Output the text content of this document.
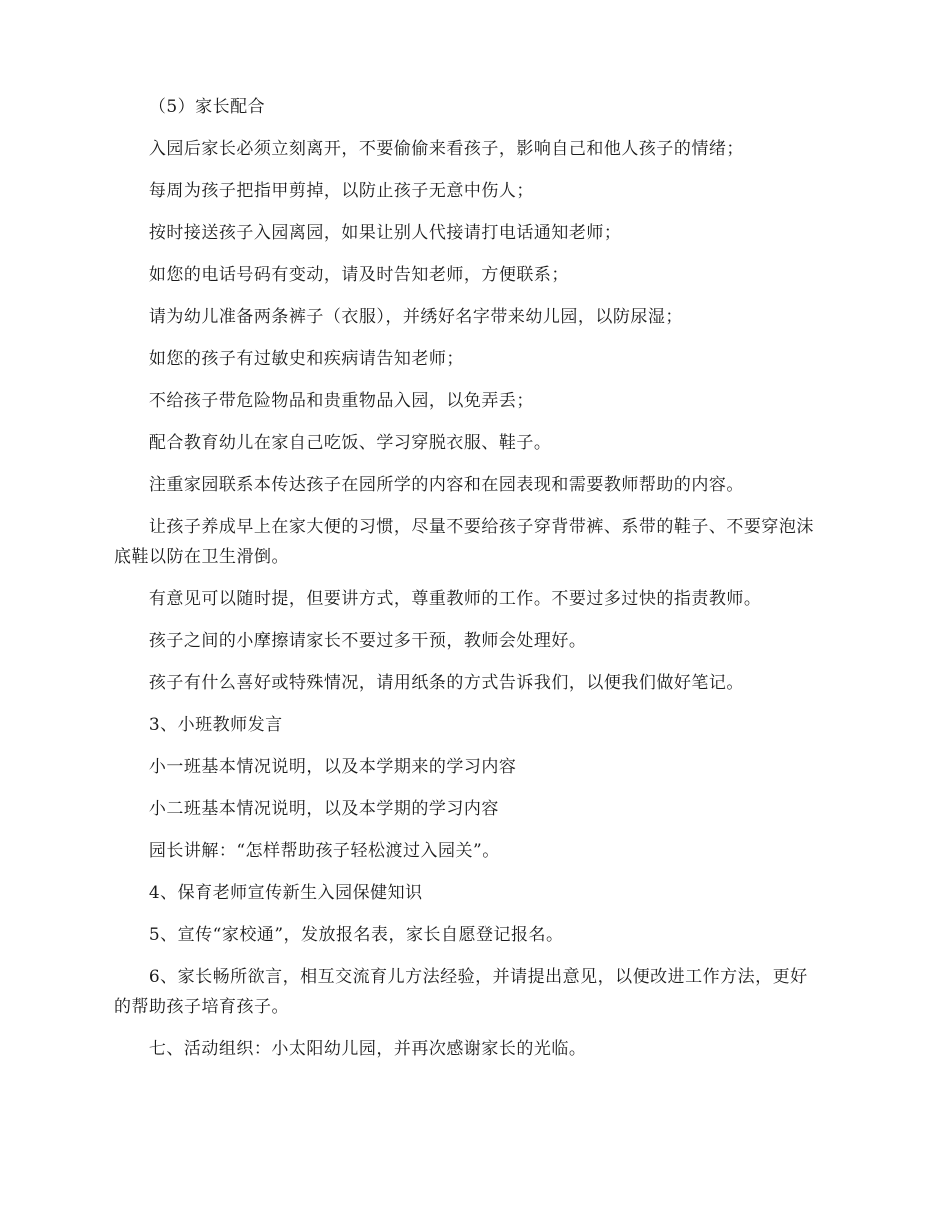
（5）家长配合

入园后家长必须立刻离开，不要偷偷来看孩子，影响自己和他人孩子的情绪；

每周为孩子把指甲剪掉，以防止孩子无意中伤人；

按时接送孩子入园离园，如果让别人代接请打电话通知老师；

如您的电话号码有变动，请及时告知老师，方便联系；

请为幼儿准备两条裤子（衣服），并绣好名字带来幼儿园，以防尿湿；

如您的孩子有过敏史和疾病请告知老师；

不给孩子带危险物品和贵重物品入园，以免弄丢；

配合教育幼儿在家自己吃饭、学习穿脱衣服、鞋子。

注重家园联系本传达孩子在园所学的内容和在园表现和需要教师帮助的内容。

让孩子养成早上在家大便的习惯，尽量不要给孩子穿背带裤、系带的鞋子、不要穿泡沫底鞋以防在卫生滑倒。

有意见可以随时提，但要讲方式，尊重教师的工作。不要过多过快的指责教师。

孩子之间的小摩擦请家长不要过多干预，教师会处理好。

孩子有什么喜好或特殊情况，请用纸条的方式告诉我们，以便我们做好笔记。

3、小班教师发言

小一班基本情况说明，以及本学期来的学习内容

小二班基本情况说明，以及本学期的学习内容

园长讲解：“怎样帮助孩子轻松渡过入园关”。

4、保育老师宣传新生入园保健知识

5、宣传“家校通”，发放报名表，家长自愿登记报名。

6、家长畅所欲言，相互交流育儿方法经验，并请提出意见，以便改进工作方法，更好的帮助孩子培育孩子。

七、活动组织：小太阳幼儿园，并再次感谢家长的光临。
